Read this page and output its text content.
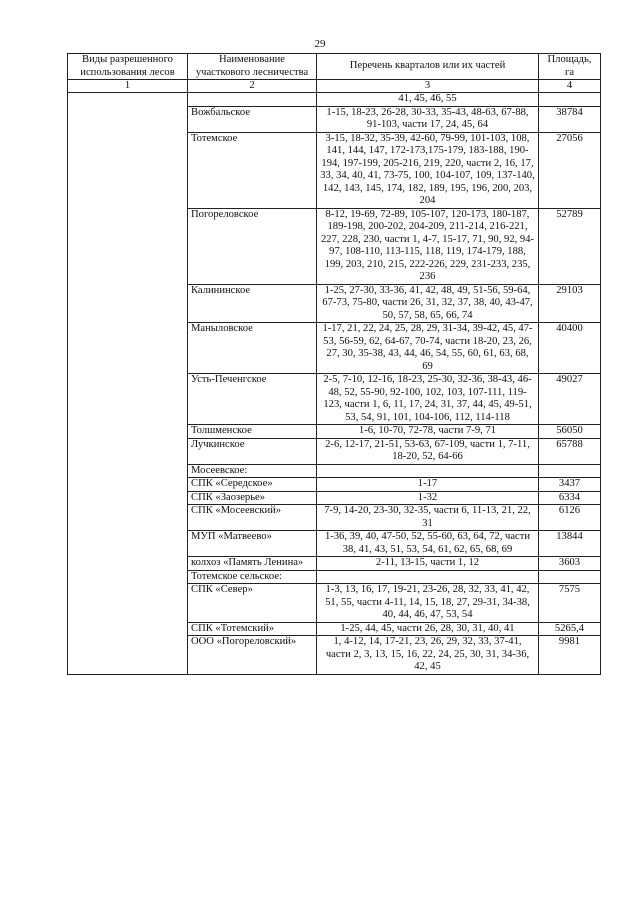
29
Виды разрешенного использования лесов	Наименование участкового лесничества	Перечень кварталов или их частей	Площадь, га
1	2	3	4
		41, 45, 46, 55	
	Вожбальское	1-15, 18-23, 26-28, 30-33, 35-43, 48-63, 67-88, 91-103, части 17, 24, 45, 64	38784
	Тотемское	3-15, 18-32, 35-39, 42-60, 79-99, 101-103, 108, 141, 144, 147, 172-173,175-179, 183-188, 190-194, 197-199, 205-216, 219, 220, части 2, 16, 17, 33, 34, 40, 41, 73-75, 100, 104-107, 109, 137-140, 142, 143, 145, 174, 182, 189, 195, 196, 200, 203, 204	27056
	Погореловское	8-12, 19-69, 72-89, 105-107, 120-173, 180-187, 189-198, 200-202, 204-209, 211-214, 216-221, 227, 228, 230, части 1, 4-7, 15-17, 71, 90, 92, 94-97, 108-110, 113-115, 118, 119, 174-179, 188, 199, 203, 210, 215, 222-226, 229, 231-233, 235, 236	52789
	Калининское	1-25, 27-30, 33-36, 41, 42, 48, 49, 51-56, 59-64, 67-73, 75-80, части 26, 31, 32, 37, 38, 40, 43-47, 50, 57, 58, 65, 66, 74	29103
	Маныловское	1-17, 21, 22, 24, 25, 28, 29, 31-34, 39-42, 45, 47-53, 56-59, 62, 64-67, 70-74, части 18-20, 23, 26, 27, 30, 35-38, 43, 44, 46, 54, 55, 60, 61, 63, 68, 69	40400
	Усть-Печенгское	2-5, 7-10, 12-16, 18-23, 25-30, 32-36, 38-43, 46-48, 52, 55-90, 92-100, 102, 103, 107-111, 119-123, части 1, 6, 11, 17, 24, 31, 37, 44, 45, 49-51, 53, 54, 91, 101, 104-106, 112, 114-118	49027
	Толшменское	1-6, 10-70, 72-78, части 7-9, 71	56050
	Лучкинское	2-6, 12-17, 21-51, 53-63, 67-109, части 1, 7-11, 18-20, 52, 64-66	65788
	Мосеевское:		
	СПК «Середское»	1-17	3437
	СПК «Заозерье»	1-32	6334
	СПК «Мосеевский»	7-9, 14-20, 23-30, 32-35, части 6, 11-13, 21, 22, 31	6126
	МУП «Матвеево»	1-36, 39, 40, 47-50, 52, 55-60, 63, 64, 72, части 38, 41, 43, 51, 53, 54, 61, 62, 65, 68, 69	13844
	колхоз «Память Ленина»	2-11, 13-15, части 1, 12	3603
	Тотемское сельское:		
	СПК «Север»	1-3, 13, 16, 17, 19-21, 23-26, 28, 32, 33, 41, 42, 51, 55, части 4-11, 14, 15, 18, 27, 29-31, 34-38, 40, 44, 46, 47, 53, 54	7575
	СПК «Тотемский»	1-25, 44, 45, части 26, 28, 30, 31, 40, 41	5265,4
	ООО «Погореловский»	1, 4-12, 14, 17-21, 23, 26, 29, 32, 33, 37-41, части 2, 3, 13, 15, 16, 22, 24, 25, 30, 31, 34-36, 42, 45	9981
